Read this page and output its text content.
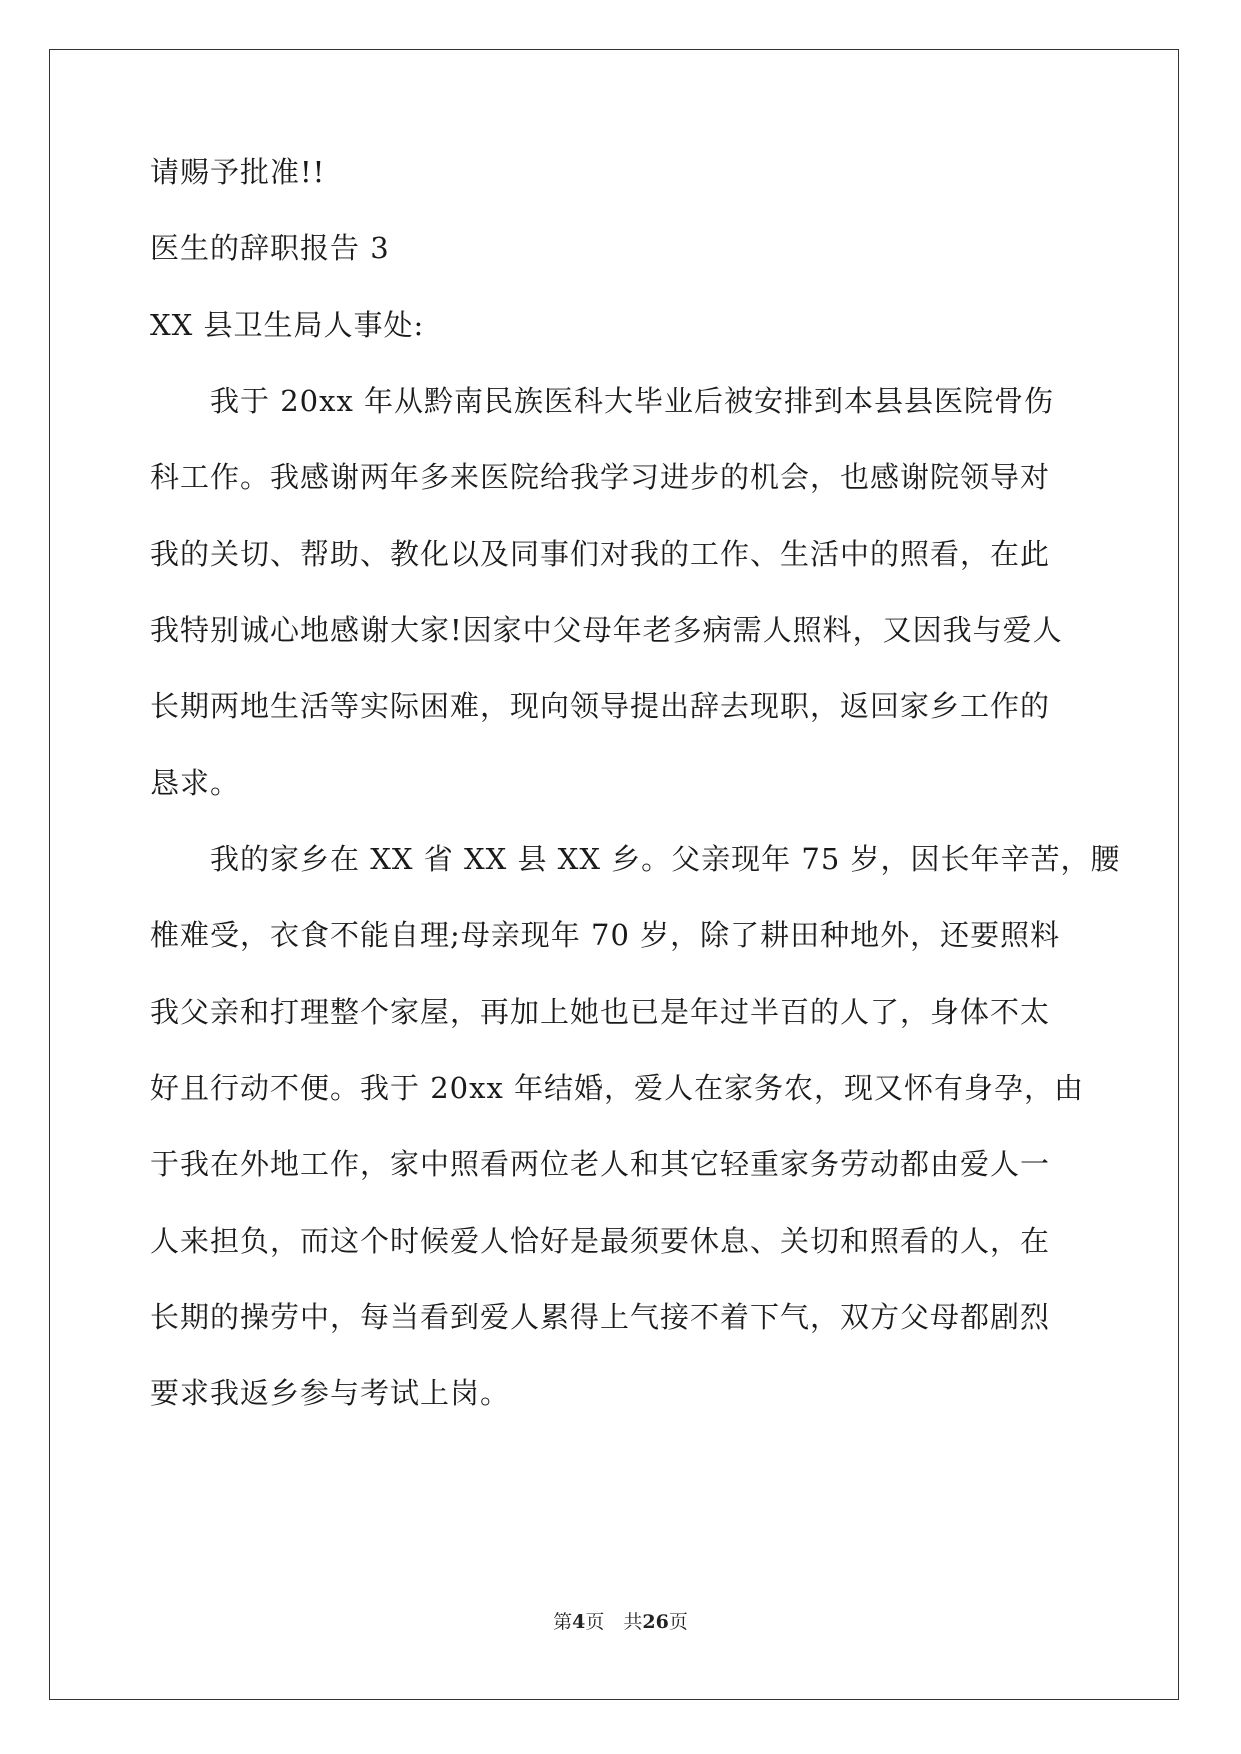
请赐予批准!!
医生的辞职报告 3
XX 县卫生局人事处:
　　我于 20xx 年从黔南民族医科大毕业后被安排到本县县医院骨伤
科工作。我感谢两年多来医院给我学习进步的机会，也感谢院领导对
我的关切、帮助、教化以及同事们对我的工作、生活中的照看，在此
我特别诚心地感谢大家!因家中父母年老多病需人照料，又因我与爱人
长期两地生活等实际困难，现向领导提出辞去现职，返回家乡工作的
恳求。
　　我的家乡在 XX 省 XX 县 XX 乡。父亲现年 75 岁，因长年辛苦，腰
椎难受，衣食不能自理;母亲现年 70 岁，除了耕田种地外，还要照料
我父亲和打理整个家屋，再加上她也已是年过半百的人了，身体不太
好且行动不便。我于 20xx 年结婚，爱人在家务农，现又怀有身孕，由
于我在外地工作，家中照看两位老人和其它轻重家务劳动都由爱人一
人来担负，而这个时候爱人恰好是最须要休息、关切和照看的人，在
长期的操劳中，每当看到爱人累得上气接不着下气，双方父母都剧烈
要求我返乡参与考试上岗。
第4页　共26页
